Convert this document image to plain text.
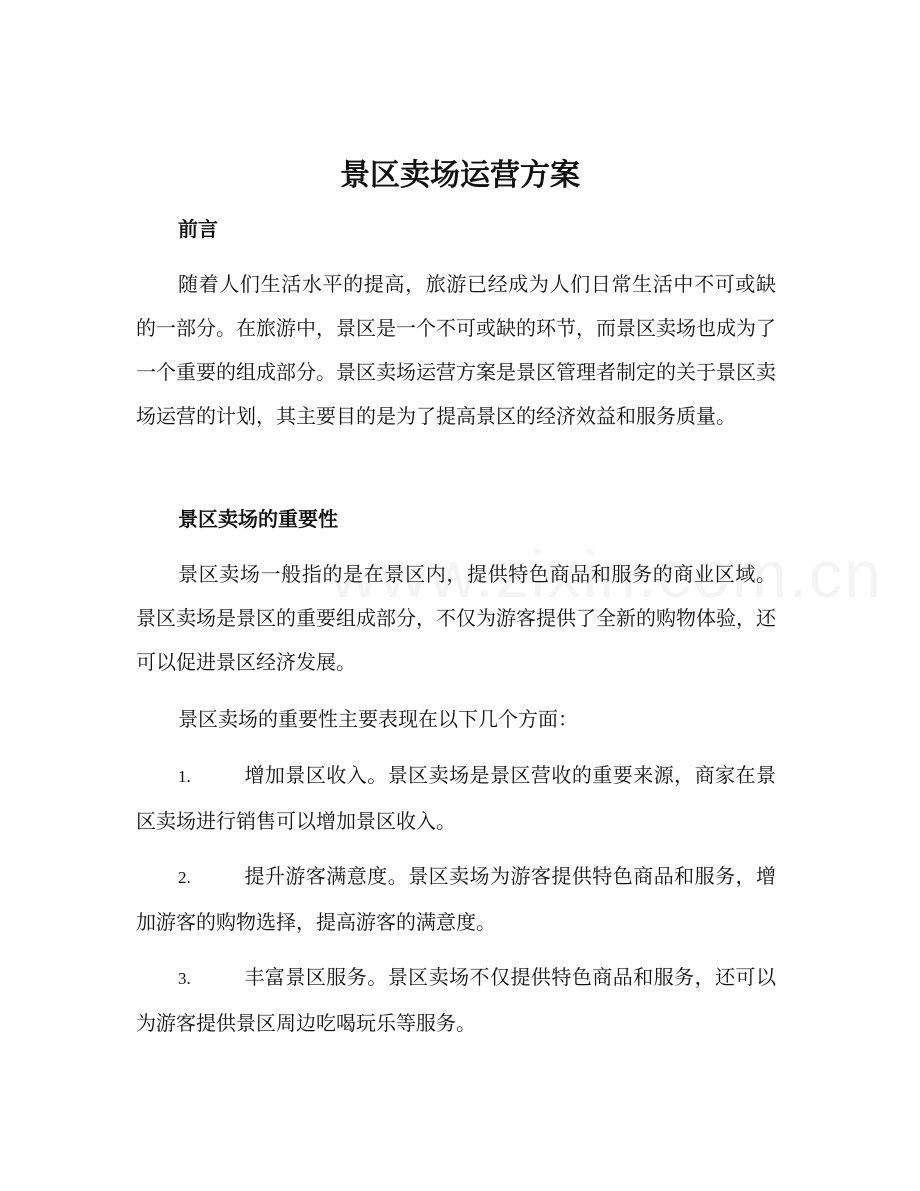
景区卖场运营方案
前言
随着人们生活水平的提高，旅游已经成为人们日常生活中不可或缺的一部分。在旅游中，景区是一个不可或缺的环节，而景区卖场也成为了一个重要的组成部分。景区卖场运营方案是景区管理者制定的关于景区卖场运营的计划，其主要目的是为了提高景区的经济效益和服务质量。
景区卖场的重要性
景区卖场一般指的是在景区内，提供特色商品和服务的商业区域。景区卖场是景区的重要组成部分，不仅为游客提供了全新的购物体验，还可以促进景区经济发展。
景区卖场的重要性主要表现在以下几个方面：
1.	增加景区收入。景区卖场是景区营收的重要来源，商家在景区卖场进行销售可以增加景区收入。
2.	提升游客满意度。景区卖场为游客提供特色商品和服务，增加游客的购物选择，提高游客的满意度。
3.	丰富景区服务。景区卖场不仅提供特色商品和服务，还可以为游客提供景区周边吃喝玩乐等服务。
